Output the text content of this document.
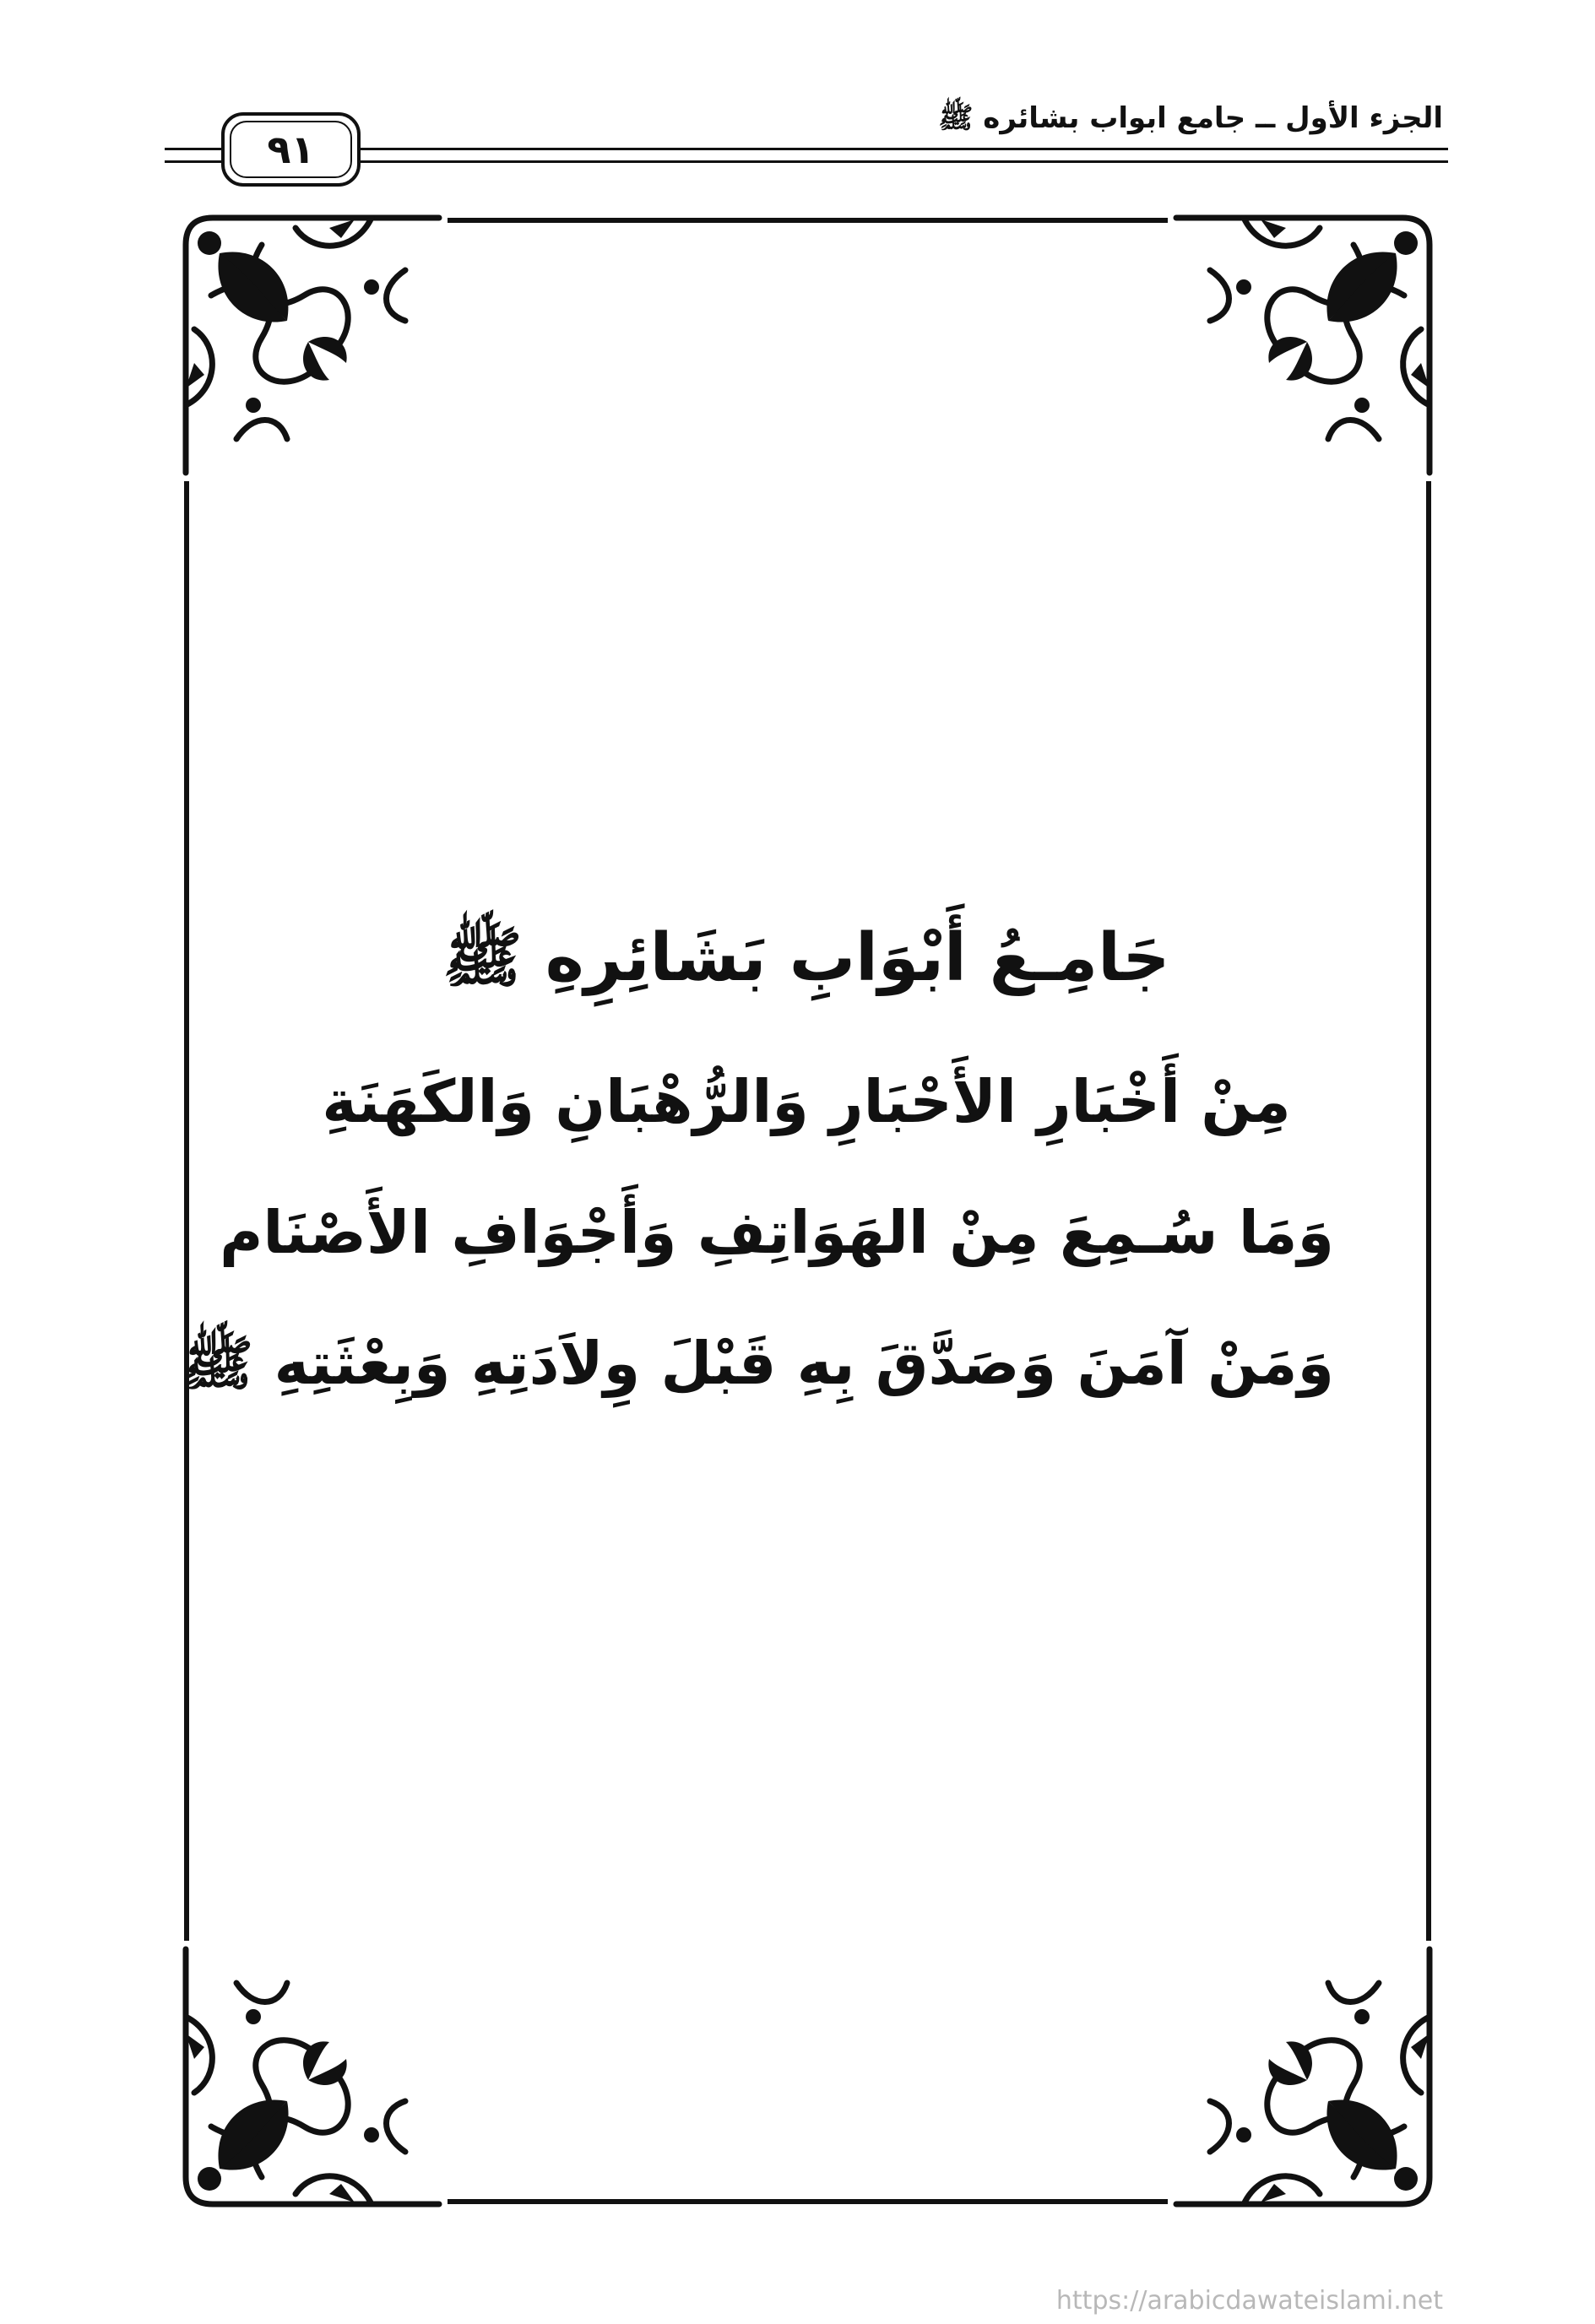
الجزء الأول ــ جامع ابواب بشائره ﷺ
٩١
جَامِـعُ أَبْوَابِ بَشَائِرِهِ ﷺ
مِنْ أَخْبَارِ الأَحْبَارِ وَالرُّهْبَانِ وَالكَهَنَةِ
وَمَا سُـمِعَ مِنْ الهَوَاتِفِ وَأَجْوَافِ الأَصْنَام
وَمَنْ آمَنَ وَصَدَّقَ بِهِ قَبْلَ وِلاَدَتِهِ وَبِعْثَتِهِ ﷺ
https://arabicdawateislami.net
